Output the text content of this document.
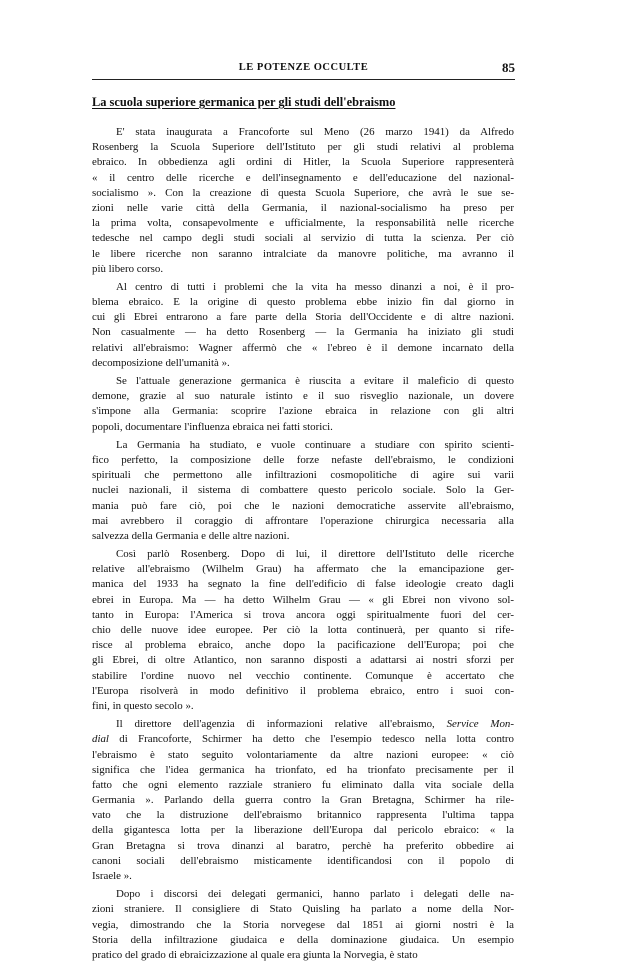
LE POTENZE OCCULTE	85
La scuola superiore germanica per gli studi dell'ebraismo
E' stata inaugurata a Francoforte sul Meno (26 marzo 1941) da Alfredo
Rosenberg la Scuola Superiore dell'Istituto per gli studi relativi al problema
ebraico. In obbedienza agli ordini di Hitler, la Scuola Superiore rappresenterà
« il centro delle ricerche e dell'insegnamento e dell'educazione del nazional-
socialismo ». Con la creazione di questa Scuola Superiore, che avrà le sue se-
zioni nelle varie città della Germania, il nazional-socialismo ha preso per
la prima volta, consapevolmente e ufficialmente, la responsabilità nelle ricerche
tedesche nel campo degli studi sociali al servizio di tutta la scienza. Per ciò
le libere ricerche non saranno intralciate da manovre politiche, ma avranno il
più libero corso.
Al centro di tutti i problemi che la vita ha messo dinanzi a noi, è il pro-
blema ebraico. E la origine di questo problema ebbe inizio fin dal giorno in
cui gli Ebrei entrarono a fare parte della Storia dell'Occidente e di altre nazioni.
Non casualmente — ha detto Rosenberg — la Germania ha iniziato gli studi
relativi all'ebraismo: Wagner affermò che « l'ebreo è il demone incarnato della
decomposizione dell'umanità ».
Se l'attuale generazione germanica è riuscita a evitare il maleficio di questo
demone, grazie al suo naturale istinto e il suo risveglio nazionale, un dovere
s'impone alla Germania: scoprire l'azione ebraica in relazione con gli altri
popoli, documentare l'influenza ebraica nei fatti storici.
La Germania ha studiato, e vuole continuare a studiare con spirito scienti-
fico perfetto, la composizione delle forze nefaste dell'ebraismo, le condizioni
spirituali che permettono alle infiltrazioni cosmopolitiche di agire sui varii
nuclei nazionali, il sistema di combattere questo pericolo sociale. Solo la Ger-
mania può fare ciò, poi che le nazioni democratiche asservite all'ebraismo,
mai avrebbero il coraggio di affrontare l'operazione chirurgica necessaria alla
salvezza della Germania e delle altre nazioni.
Così parlò Rosenberg. Dopo di lui, il direttore dell'Istituto delle ricerche
relative all'ebraismo (Wilhelm Grau) ha affermato che la emancipazione ger-
manica del 1933 ha segnato la fine dell'edificio di false ideologie creato dagli
ebrei in Europa. Ma — ha detto Wilhelm Grau — « gli Ebrei non vivono sol-
tanto in Europa: l'America si trova ancora oggi spiritualmente fuori del cer-
chio delle nuove idee europee. Per ciò la lotta continuerà, per quanto si rife-
risce al problema ebraico, anche dopo la pacificazione dell'Europa; poi che
gli Ebrei, di oltre Atlantico, non saranno disposti a adattarsi ai nostri sforzi per
stabilire l'ordine nuovo nel vecchio continente. Comunque è accertato che
l'Europa risolverà in modo definitivo il problema ebraico, entro i suoi con-
fini, in questo secolo ».
Il direttore dell'agenzia di informazioni relative all'ebraismo, Service Mon-
dial di Francoforte, Schirmer ha detto che l'esempio tedesco nella lotta contro
l'ebraismo è stato seguito volontariamente da altre nazioni europee: « ciò
significa che l'idea germanica ha trionfato, ed ha trionfato precisamente per il
fatto che ogni elemento razziale straniero fu eliminato dalla vita sociale della
Germania ». Parlando della guerra contro la Gran Bretagna, Schirmer ha rile-
vato che la distruzione dell'ebraismo britannico rappresenta l'ultima tappa
della gigantesca lotta per la liberazione dell'Europa dal pericolo ebraico: « la
Gran Bretagna si trova dinanzi al baratro, perchè ha preferito obbedire ai
canoni sociali dell'ebraismo misticamente identificandosi con il popolo di
Israele ».
Dopo i discorsi dei delegati germanici, hanno parlato i delegati delle na-
zioni straniere. Il consigliere di Stato Quisling ha parlato a nome della Nor-
vegia, dimostrando che la Storia norvegese dal 1851 ai giorni nostri è la
Storia della infiltrazione giudaica e della dominazione giudaica. Un esempio
pratico del grado di ebraicizzazione al quale era giunta la Norvegia, è stato
